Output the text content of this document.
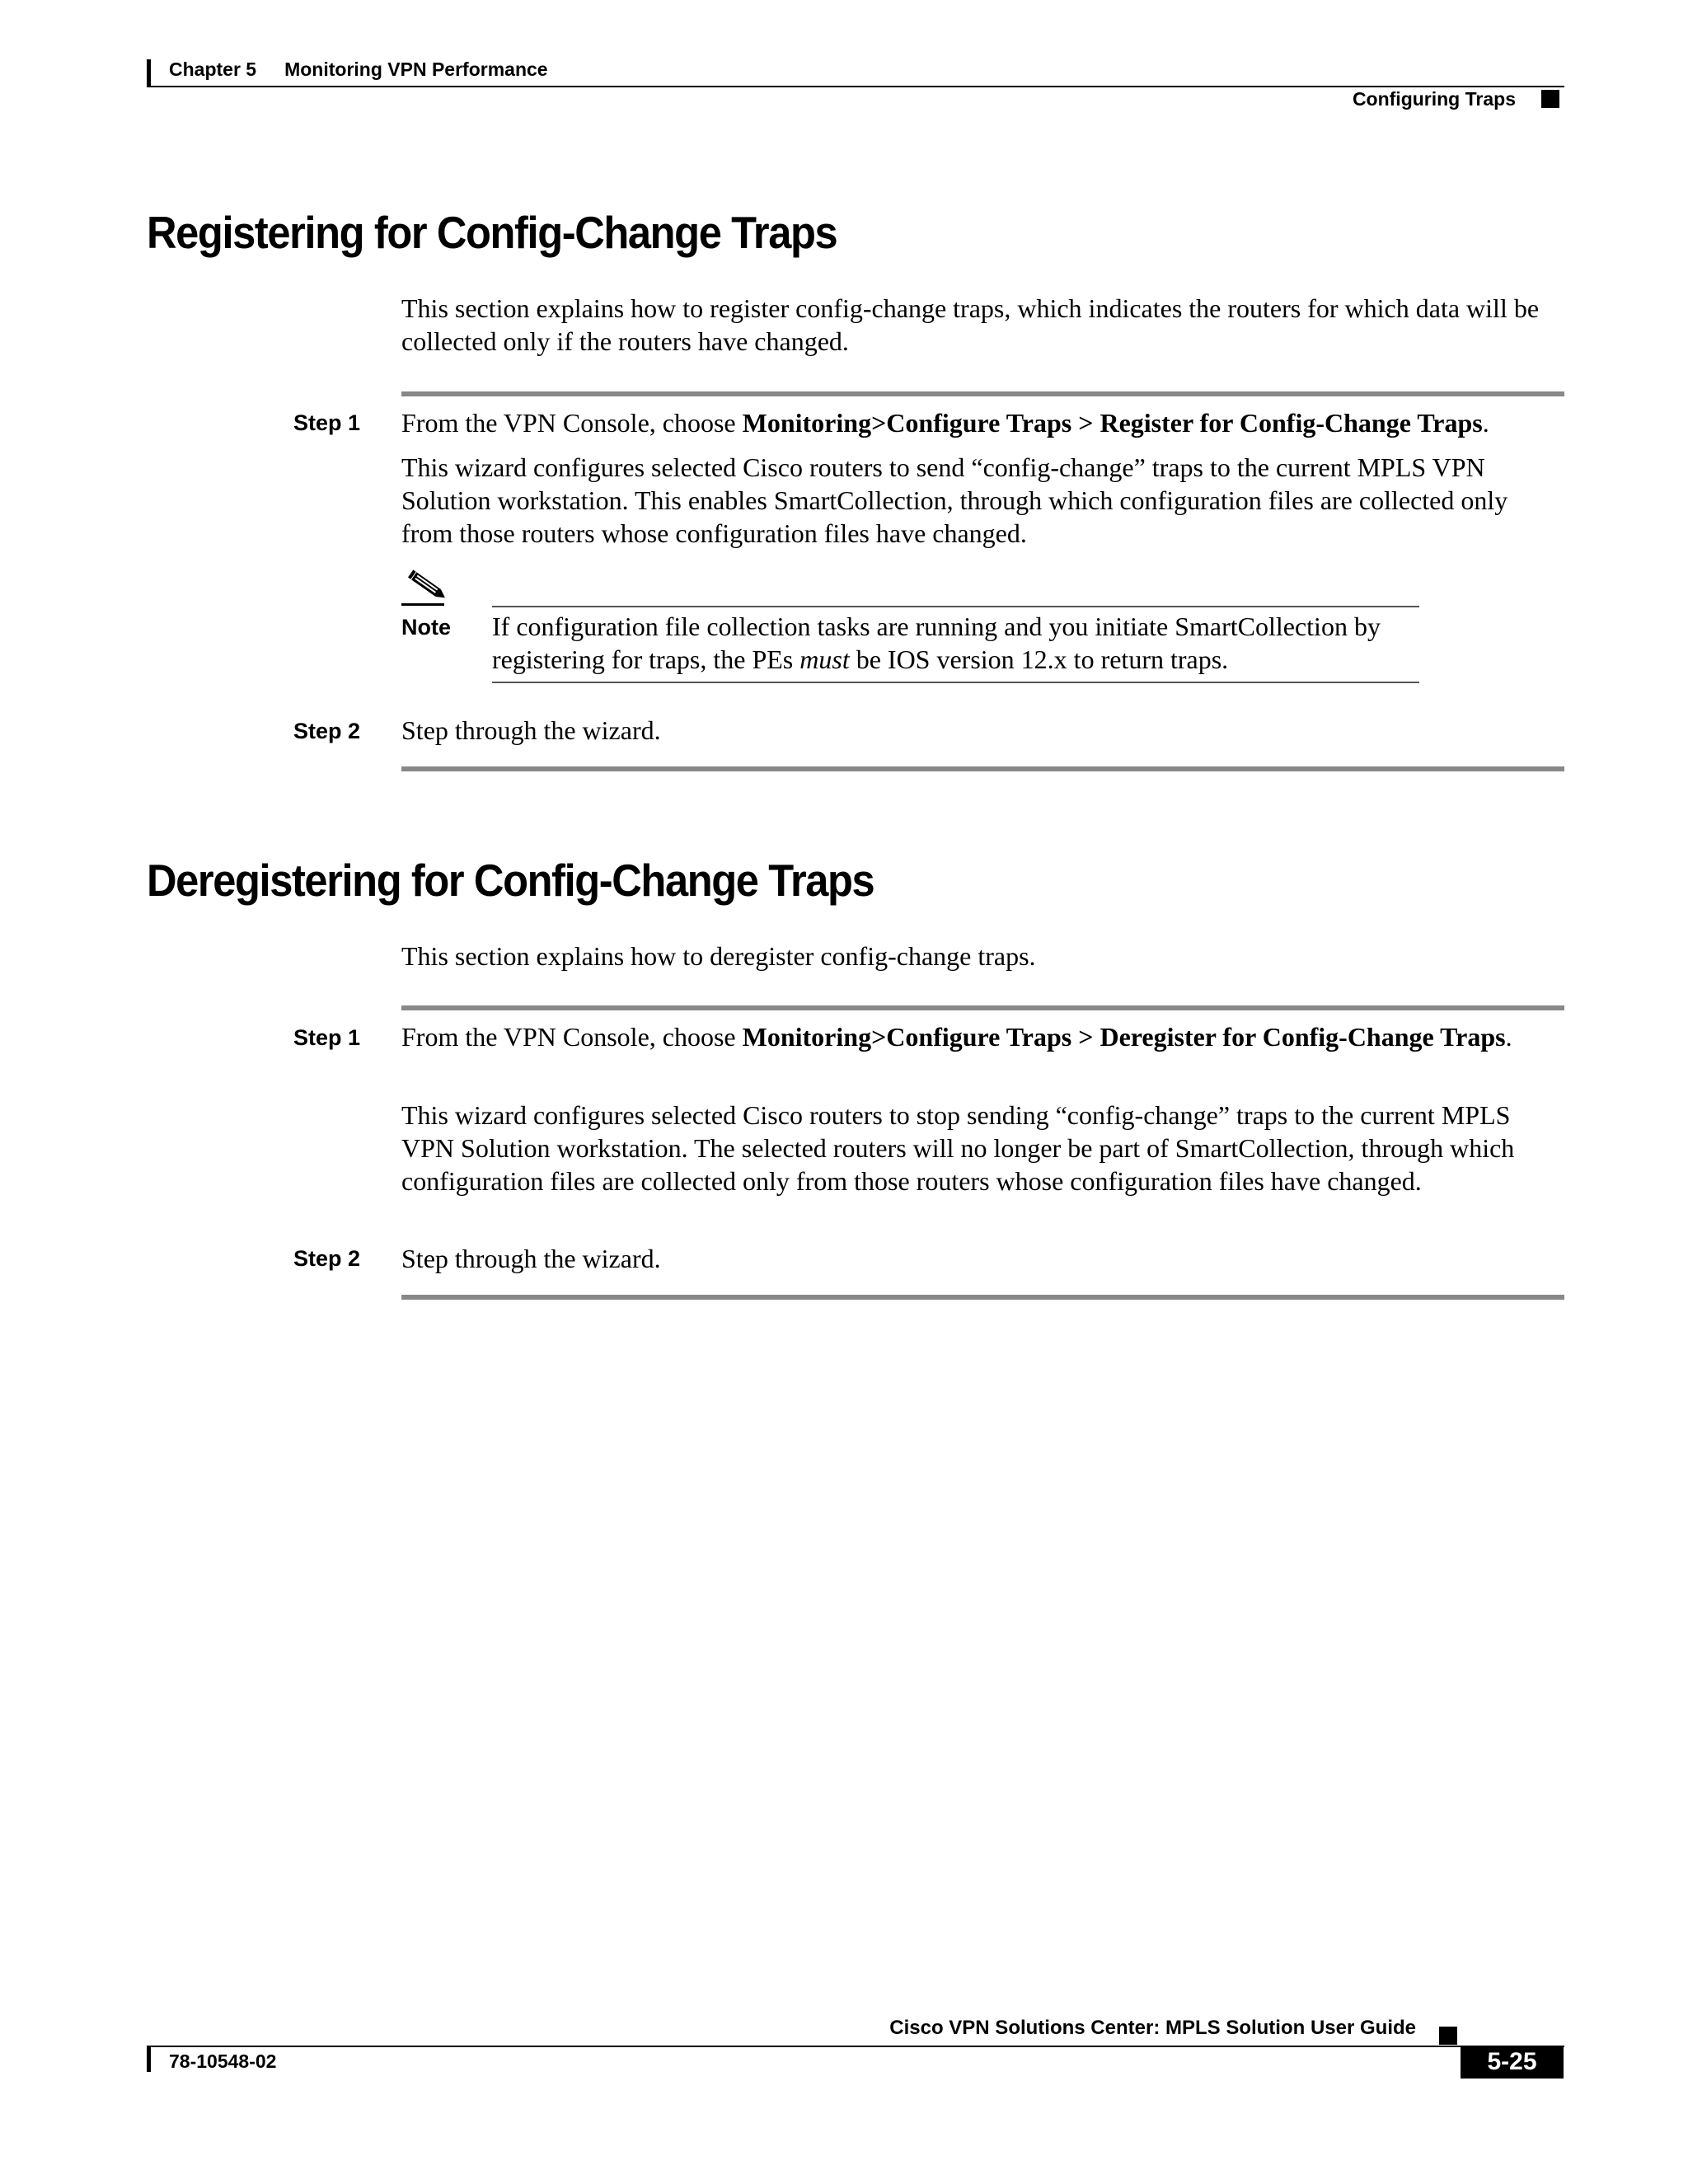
Chapter 5 Monitoring VPN Performance
Configuring Traps
Registering for Config-Change Traps
This section explains how to register config-change traps, which indicates the routers for which data will be collected only if the routers have changed.
Step 1 From the VPN Console, choose Monitoring>Configure Traps > Register for Config-Change Traps.
This wizard configures selected Cisco routers to send “config-change” traps to the current MPLS VPN Solution workstation. This enables SmartCollection, through which configuration files are collected only from those routers whose configuration files have changed.
Note If configuration file collection tasks are running and you initiate SmartCollection by registering for traps, the PEs must be IOS version 12.x to return traps.
Step 2 Step through the wizard.
Deregistering for Config-Change Traps
This section explains how to deregister config-change traps.
Step 1 From the VPN Console, choose Monitoring>Configure Traps > Deregister for Config-Change Traps.
This wizard configures selected Cisco routers to stop sending “config-change” traps to the current MPLS VPN Solution workstation. The selected routers will no longer be part of SmartCollection, through which configuration files are collected only from those routers whose configuration files have changed.
Step 2 Step through the wizard.
Cisco VPN Solutions Center: MPLS Solution User Guide
78-10548-02	5-25
